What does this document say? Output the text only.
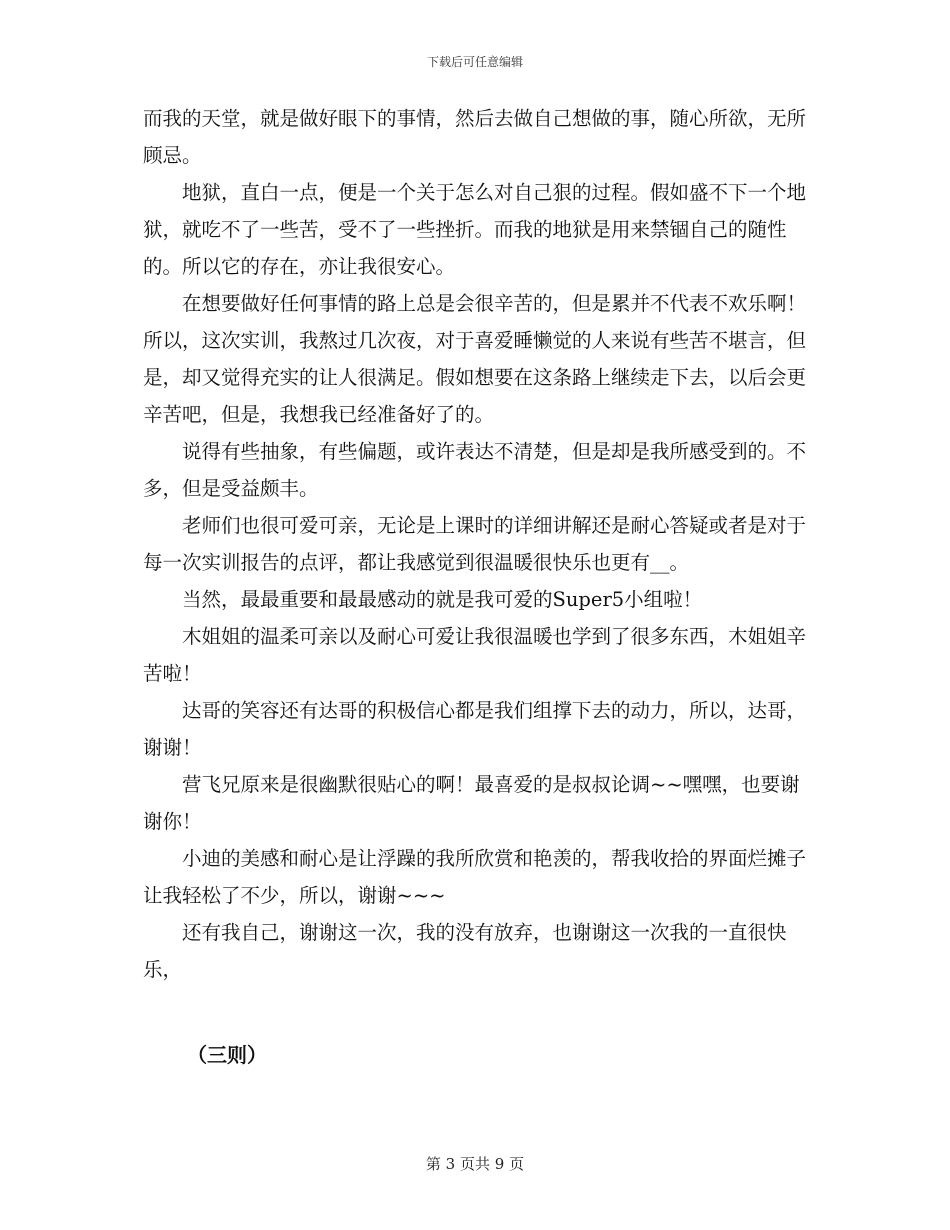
下载后可任意编辑

而我的天堂，就是做好眼下的事情，然后去做自己想做的事，随心所欲，无所顾忌。

地狱，直白一点，便是一个关于怎么对自己狠的过程。假如盛不下一个地狱，就吃不了一些苦，受不了一些挫折。而我的地狱是用来禁锢自己的随性的。所以它的存在，亦让我很安心。

在想要做好任何事情的路上总是会很辛苦的，但是累并不代表不欢乐啊！所以，这次实训，我熬过几次夜，对于喜爱睡懒觉的人来说有些苦不堪言，但是，却又觉得充实的让人很满足。假如想要在这条路上继续走下去，以后会更辛苦吧，但是，我想我已经准备好了的。

说得有些抽象，有些偏题，或许表达不清楚，但是却是我所感受到的。不多，但是受益颇丰。

老师们也很可爱可亲，无论是上课时的详细讲解还是耐心答疑或者是对于每一次实训报告的点评，都让我感觉到很温暖很快乐也更有__。

当然，最最重要和最最感动的就是我可爱的Super5小组啦！

木姐姐的温柔可亲以及耐心可爱让我很温暖也学到了很多东西，木姐姐辛苦啦！

达哥的笑容还有达哥的积极信心都是我们组撑下去的动力，所以，达哥，谢谢！

营飞兄原来是很幽默很贴心的啊！最喜爱的是叔叔论调~~嘿嘿，也要谢谢你！

小迪的美感和耐心是让浮躁的我所欣赏和艳羡的，帮我收拾的界面烂摊子让我轻松了不少，所以，谢谢~~~

还有我自己，谢谢这一次，我的没有放弃，也谢谢这一次我的一直很快乐，

（三则）
第 3 页共 9 页
